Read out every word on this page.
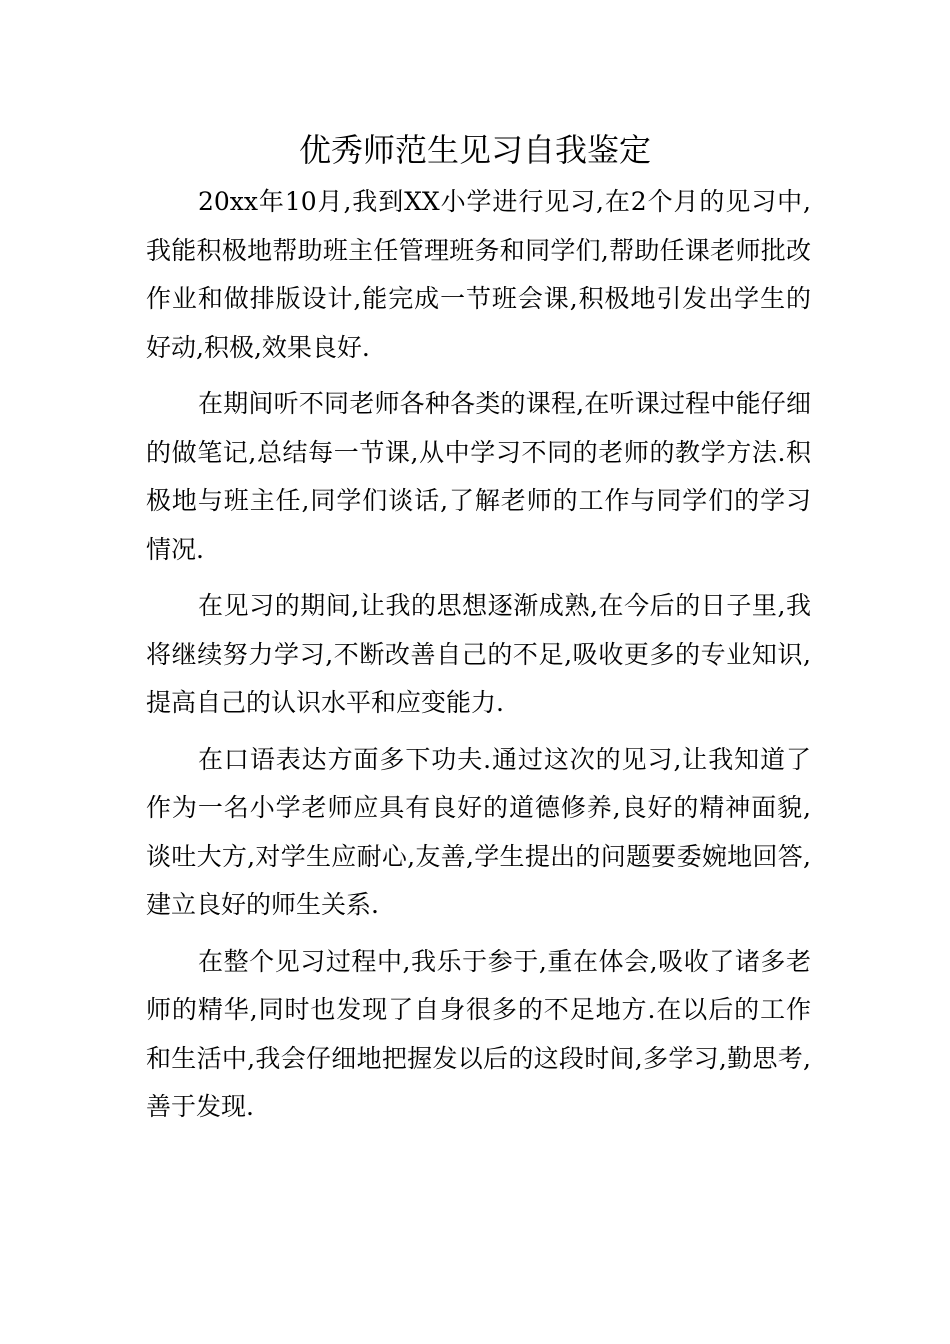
优秀师范生见习自我鉴定

20xx年10月,我到XX小学进行见习,在2个月的见习中,我能积极地帮助班主任管理班务和同学们,帮助任课老师批改作业和做排版设计,能完成一节班会课,积极地引发出学生的好动,积极,效果良好.

在期间听不同老师各种各类的课程,在听课过程中能仔细的做笔记,总结每一节课,从中学习不同的老师的教学方法.积极地与班主任,同学们谈话,了解老师的工作与同学们的学习情况.

在见习的期间,让我的思想逐渐成熟,在今后的日子里,我将继续努力学习,不断改善自己的不足,吸收更多的专业知识,提高自己的认识水平和应变能力.

在口语表达方面多下功夫.通过这次的见习,让我知道了作为一名小学老师应具有良好的道德修养,良好的精神面貌,谈吐大方,对学生应耐心,友善,学生提出的问题要委婉地回答,建立良好的师生关系.

在整个见习过程中,我乐于参于,重在体会,吸收了诸多老师的精华,同时也发现了自身很多的不足地方.在以后的工作和生活中,我会仔细地把握发以后的这段时间,多学习,勤思考,善于发现.
